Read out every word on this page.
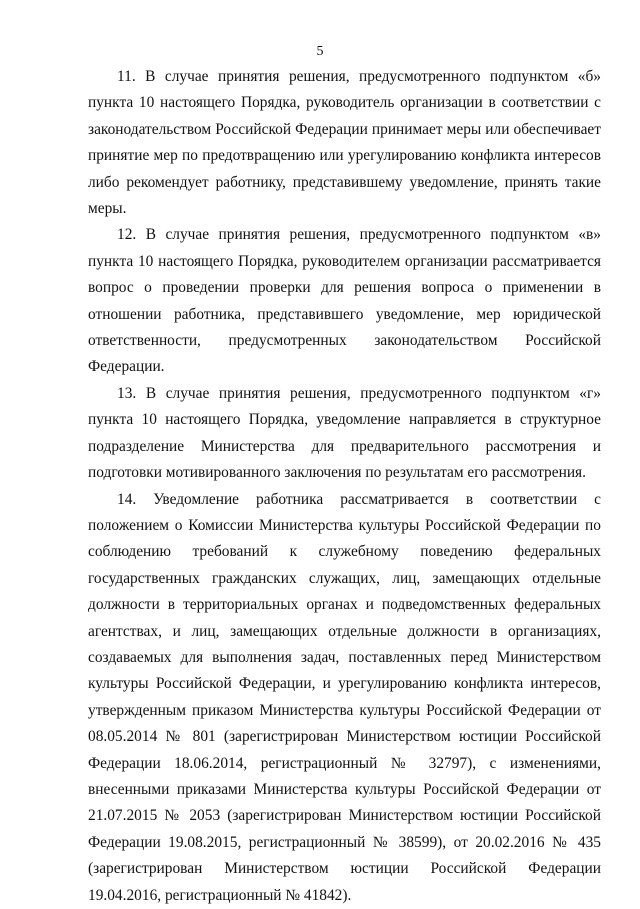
5

11. В случае принятия решения, предусмотренного подпунктом «б» пункта 10 настоящего Порядка, руководитель организации в соответствии с законодательством Российской Федерации принимает меры или обеспечивает принятие мер по предотвращению или урегулированию конфликта интересов либо рекомендует работнику, представившему уведомление, принять такие меры.

12. В случае принятия решения, предусмотренного подпунктом «в» пункта 10 настоящего Порядка, руководителем организации рассматривается вопрос о проведении проверки для решения вопроса о применении в отношении работника, представившего уведомление, мер юридической ответственности, предусмотренных законодательством Российской Федерации.

13. В случае принятия решения, предусмотренного подпунктом «г» пункта 10 настоящего Порядка, уведомление направляется в структурное подразделение Министерства для предварительного рассмотрения и подготовки мотивированного заключения по результатам его рассмотрения.

14. Уведомление работника рассматривается в соответствии с положением о Комиссии Министерства культуры Российской Федерации по соблюдению требований к служебному поведению федеральных государственных гражданских служащих, лиц, замещающих отдельные должности в территориальных органах и подведомственных федеральных агентствах, и лиц, замещающих отдельные должности в организациях, создаваемых для выполнения задач, поставленных перед Министерством культуры Российской Федерации, и урегулированию конфликта интересов, утвержденным приказом Министерства культуры Российской Федерации от 08.05.2014 № 801 (зарегистрирован Министерством юстиции Российской Федерации 18.06.2014, регистрационный № 32797), с изменениями, внесенными приказами Министерства культуры Российской Федерации от 21.07.2015 № 2053 (зарегистрирован Министерством юстиции Российской Федерации 19.08.2015, регистрационный № 38599), от 20.02.2016 № 435 (зарегистрирован Министерством юстиции Российской Федерации 19.04.2016, регистрационный № 41842).
